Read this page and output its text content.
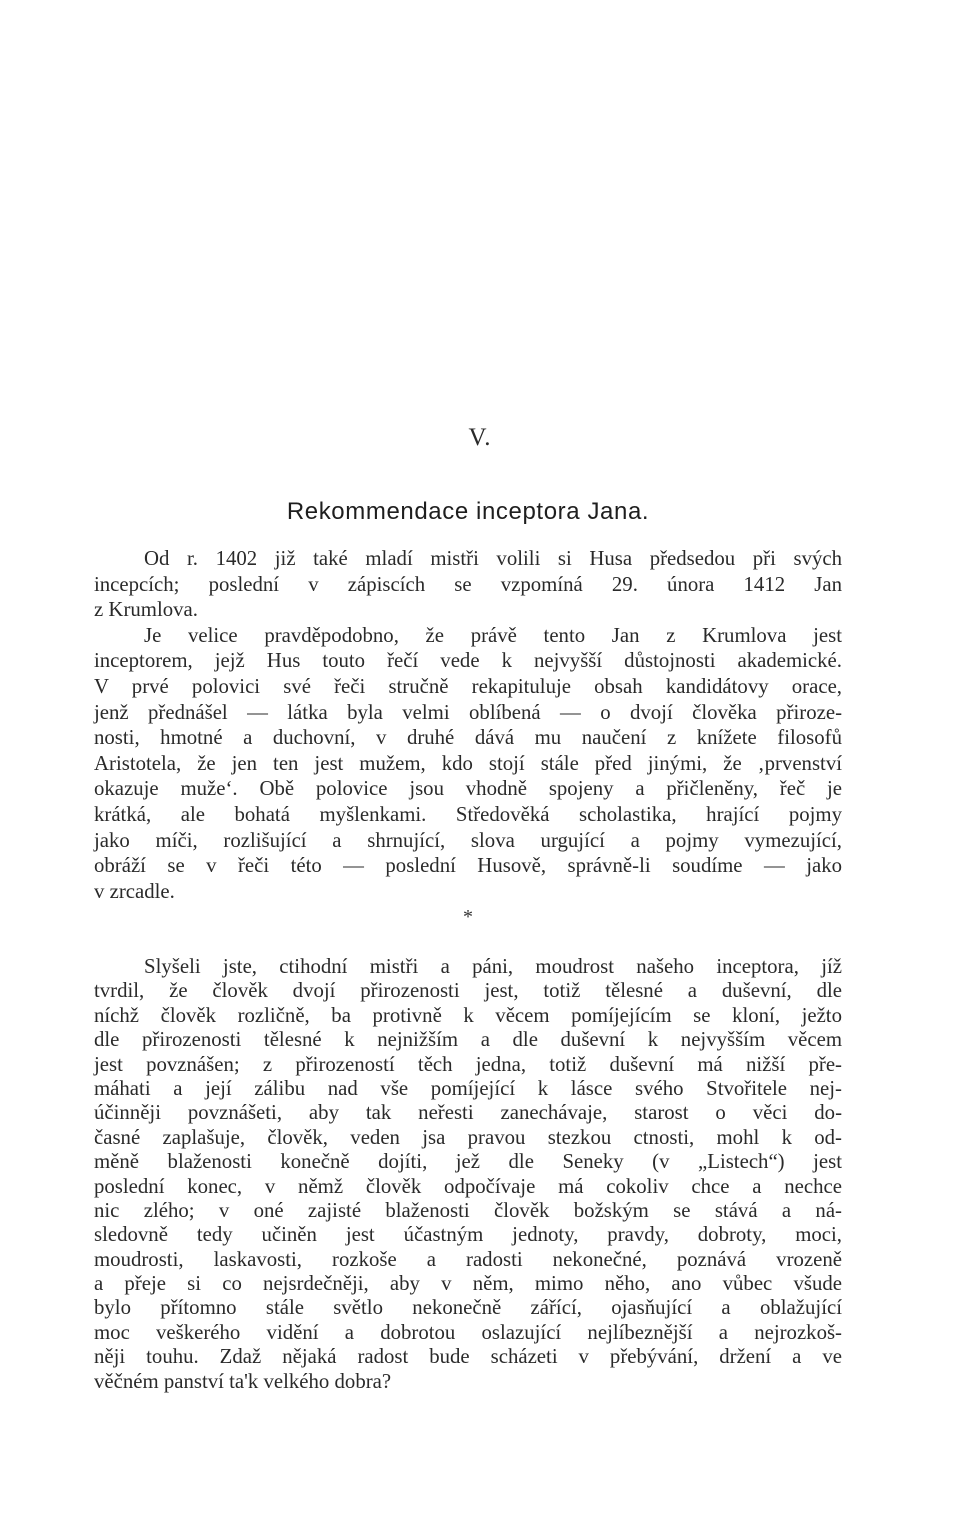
V.
Rekommendace inceptora Jana.
Od r. 1402 již také mladí mistři volili si Husa předsedou při svých
incepcích; poslední v zápiscích se vzpomíná 29. února 1412 Jan
z Krumlova.
Je velice pravděpodobno, že právě tento Jan z Krumlova jest
inceptorem, jejž Hus touto řečí vede k nejvyšší důstojnosti akademické.
V prvé polovici své řeči stručně rekapituluje obsah kandidátovy orace,
jenž přednášel — látka byla velmi oblíbená — o dvojí člověka přiroze-
nosti, hmotné a duchovní, v druhé dává mu naučení z knížete filosofů
Aristotela, že jen ten jest mužem, kdo stojí stále před jinými, že ‚prvenství
okazuje muže‘. Obě polovice jsou vhodně spojeny a přičleněny, řeč je
krátká, ale bohatá myšlenkami. Středověká scholastika, hrající pojmy
jako míči, rozlišující a shrnující, slova urgující a pojmy vymezující,
obráží se v řeči této — poslední Husově, správně-li soudíme — jako
v zrcadle.
*
Slyšeli jste, ctihodní mistři a páni, moudrost našeho inceptora, jíž
tvrdil, že člověk dvojí přirozenosti jest, totiž tělesné a duševní, dle
níchž člověk rozličně, ba protivně k věcem pomíjejícím se kloní, ježto
dle přirozenosti tělesné k nejnižším a dle duševní k nejvyšším věcem
jest povznášen; z přirozeností těch jedna, totiž duševní má nižší pře-
máhati a její zálibu nad vše pomíjející k lásce svého Stvořitele nej-
účinněji povznášeti, aby tak neřesti zanechávaje, starost o věci do-
časné zaplašuje, člověk, veden jsa pravou stezkou ctnosti, mohl k od-
měně blaženosti konečně dojíti, jež dle Seneky (v „Listech“) jest
poslední konec, v němž člověk odpočívaje má cokoliv chce a nechce
nic zlého; v oné zajisté blaženosti člověk božským se stává a ná-
sledovně tedy učiněn jest účastným jednoty, pravdy, dobroty, moci,
moudrosti, laskavosti, rozkoše a radosti nekonečné, poznává vrozeně
a přeje si co nejsrdečněji, aby v něm, mimo něho, ano vůbec všude
bylo přítomno stále světlo nekonečně zářící, ojasňující a oblažující
moc veškerého vidění a dobrotou oslazující nejlíbeznější a nejrozkoš-
něji touhu. Zdaž nějaká radost bude scházeti v přebývání, držení a ve
věčném panství ta'k velkého dobra?
